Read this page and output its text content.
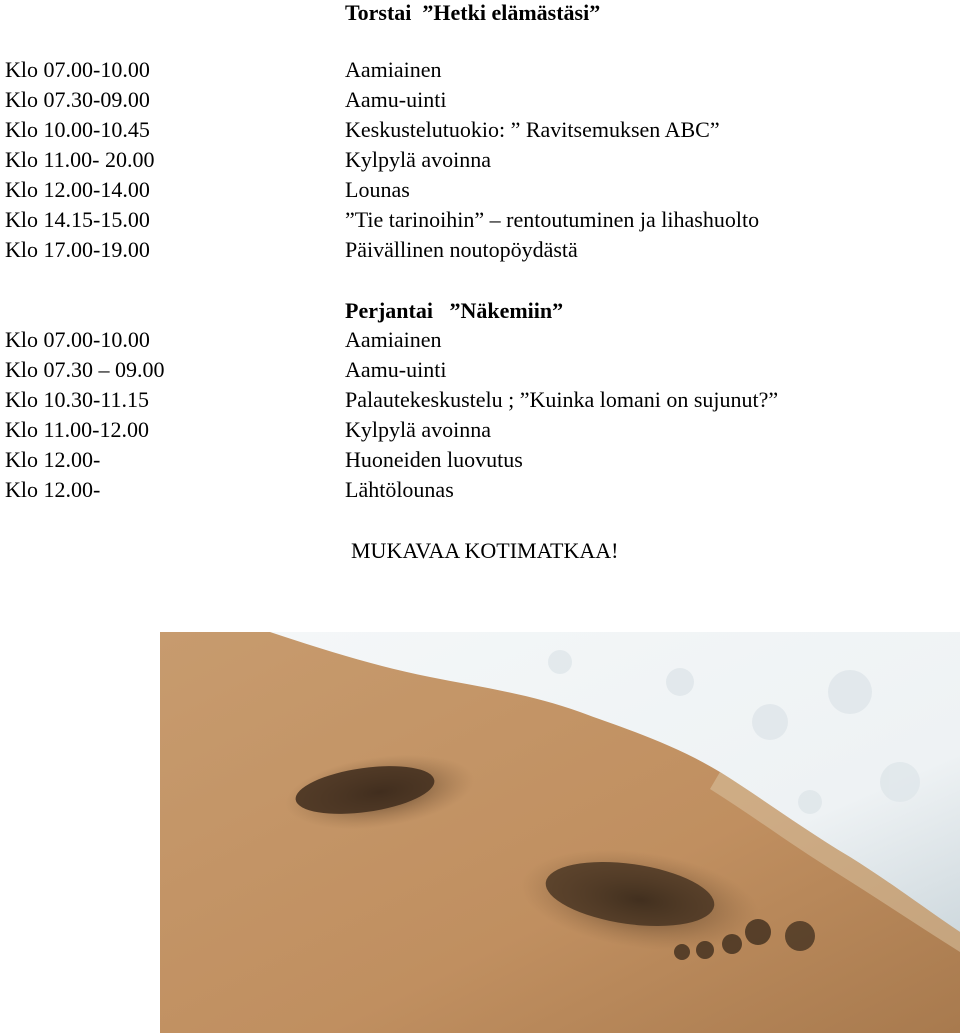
Torstai  ”Hetki elämästäsi”
Klo 07.00-10.00	Aamiainen
Klo 07.30-09.00	Aamu-uinti
Klo 10.00-10.45	Keskustelutuokio: ” Ravitsemuksen ABC”
Klo 11.00- 20.00	Kylpylä avoinna
Klo 12.00-14.00	Lounas
Klo 14.15-15.00	”Tie tarinoihin” – rentoutuminen ja lihashuolto
Klo 17.00-19.00	Päivällinen noutopöydästä
Perjantai   ”Näkemiin”
Klo 07.00-10.00	Aamiainen
Klo 07.30 – 09.00	Aamu-uinti
Klo 10.30-11.15	Palautekeskustelu ; ”Kuinka lomani on sujunut?”
Klo 11.00-12.00	Kylpylä avoinna
Klo 12.00-	Huoneiden luovutus
Klo 12.00-	Lähtölounas
MUKAVAA KOTIMATKAA!
